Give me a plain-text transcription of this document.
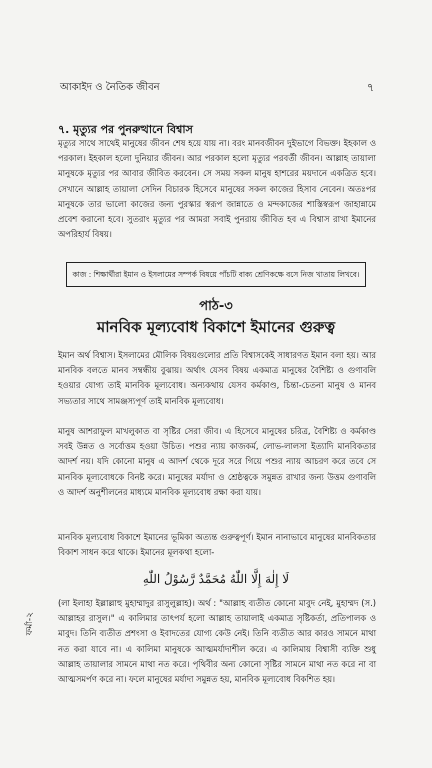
আকাইদ ও নৈতিক জীবন	৭
৭. মৃত্যুর পর পুনরুত্থানে বিশ্বাস
মৃত্যুর সাথে সাথেই মানুষের জীবন শেষ হয়ে যায় না। বরং মানবজীবন দুইভাগে বিভক্ত। ইহকাল ও পরকাল। ইহকাল হলো দুনিয়ার জীবন। আর পরকাল হলো মৃত্যুর পরবর্তী জীবন। আল্লাহ তায়ালা মানুষকে মৃত্যুর পর আবার জীবিত করবেন। সে সময় সকল মানুষ হাশরের ময়দানে একত্রিত হবে। সেখানে আল্লাহ তায়ালা সেদিন বিচারক হিসেবে মানুষের সকল কাজের হিসাব নেবেন। অতঃপর মানুষকে তার ভালো কাজের জন্য পুরস্কার স্বরূপ জান্নাতে ও মন্দকাজের শাস্তিস্বরূপ জাহান্নামে প্রবেশ করানো হবে। সুতরাং মৃত্যুর পর আমরা সবাই পুনরায় জীবিত হব এ বিশ্বাস রাখা ইমানের অপরিহার্য বিষয়।
কাজ : শিক্ষার্থীরা ইমান ও ইসলামের সম্পর্ক বিষয়ে পাঁচটি বাক্য শ্রেণিকক্ষে বসে নিজ খাতায় লিখবে।
পাঠ-৩
মানবিক মূল্যবোধ বিকাশে ইমানের গুরুত্ব
ইমান অর্থ বিশ্বাস। ইসলামের মৌলিক বিষয়গুলোর প্রতি বিশ্বাসকেই সাধারণত ইমান বলা হয়। আর মানবিক বলতে মানব সম্বন্ধীয় বুঝায়। অর্থাৎ যেসব বিষয় একমাত্র মানুষের বৈশিষ্ট্য ও গুণাবলি হওয়ার যোগ্য তাই মানবিক মূল্যবোধ। অন্যকথায় যেসব কর্মকাণ্ড, চিন্তা-চেতনা মানুষ ও মানব সভ্যতার সাথে সামঞ্জস্যপূর্ণ তাই মানবিক মূল্যবোধ।
মানুষ আশরাফুল মাখলুকাত বা সৃষ্টির সেরা জীব। এ হিসেবে মানুষের চরিত্র, বৈশিষ্ট্য ও কর্মকাণ্ড সবই উন্নত ও সর্বোত্তম হওয়া উচিত। পশুর ন্যায় কাজকর্ম, লোভ-লালসা ইত্যাদি মানবিকতার আদর্শ নয়। যদি কোনো মানুষ এ আদর্শ থেকে দূরে সরে গিয়ে পশুর ন্যায় আচরণ করে তবে সে মানবিক মূল্যবোধকে বিনষ্ট করে। মানুষের মর্যাদা ও শ্রেষ্ঠত্বকে সমুন্নত রাখার জন্য উত্তম গুণাবলি ও আদর্শ অনুশীলনের মাধ্যমে মানবিক মূল্যবোধ রক্ষা করা যায়।
মানবিক মূল্যবোধ বিকাশে ইমানের ভূমিকা অত্যন্ত গুরুত্বপূর্ণ। ইমান নানাভাবে মানুষের মানবিকতার বিকাশ সাধন করে থাকে। ইমানের মূলকথা হলো-
لَا إِلٰهَ إِلَّا اللّٰهُ مُحَمَّدٌ رَّسُوْلُ اللّٰهِ
(লা ইলাহা ইল্লাল্লাহু মুহাম্মাদুর রাসুলুল্লাহ)। অর্থ : "আল্লাহ ব্যতীত কোনো মাবুদ নেই, মুহাম্মদ (স.) আল্লাহর রাসুল।" এ কালিমার তাৎপর্য হলো আল্লাহ তায়ালাই একমাত্র সৃষ্টিকর্তা, প্রতিপালক ও মাবুদ। তিনি ব্যতীত প্রশংসা ও ইবাদতের যোগ্য কেউ নেই। তিনি ব্যতীত আর কারও সামনে মাথা নত করা যাবে না। এ কালিমা মানুষকে আত্মমর্যাদাশীল করে। এ কালিমায় বিশ্বাসী ব্যক্তি শুধু আল্লাহ তায়ালার সামনে মাথা নত করে। পৃথিবীর অন্য কোনো সৃষ্টির সামনে মাথা নত করে না বা আত্মসমর্পণ করে না। ফলে মানুষের মর্যাদা সমুন্নত হয়, মানবিক মূল্যবোধ বিকশিত হয়।
ফর্মা-২
